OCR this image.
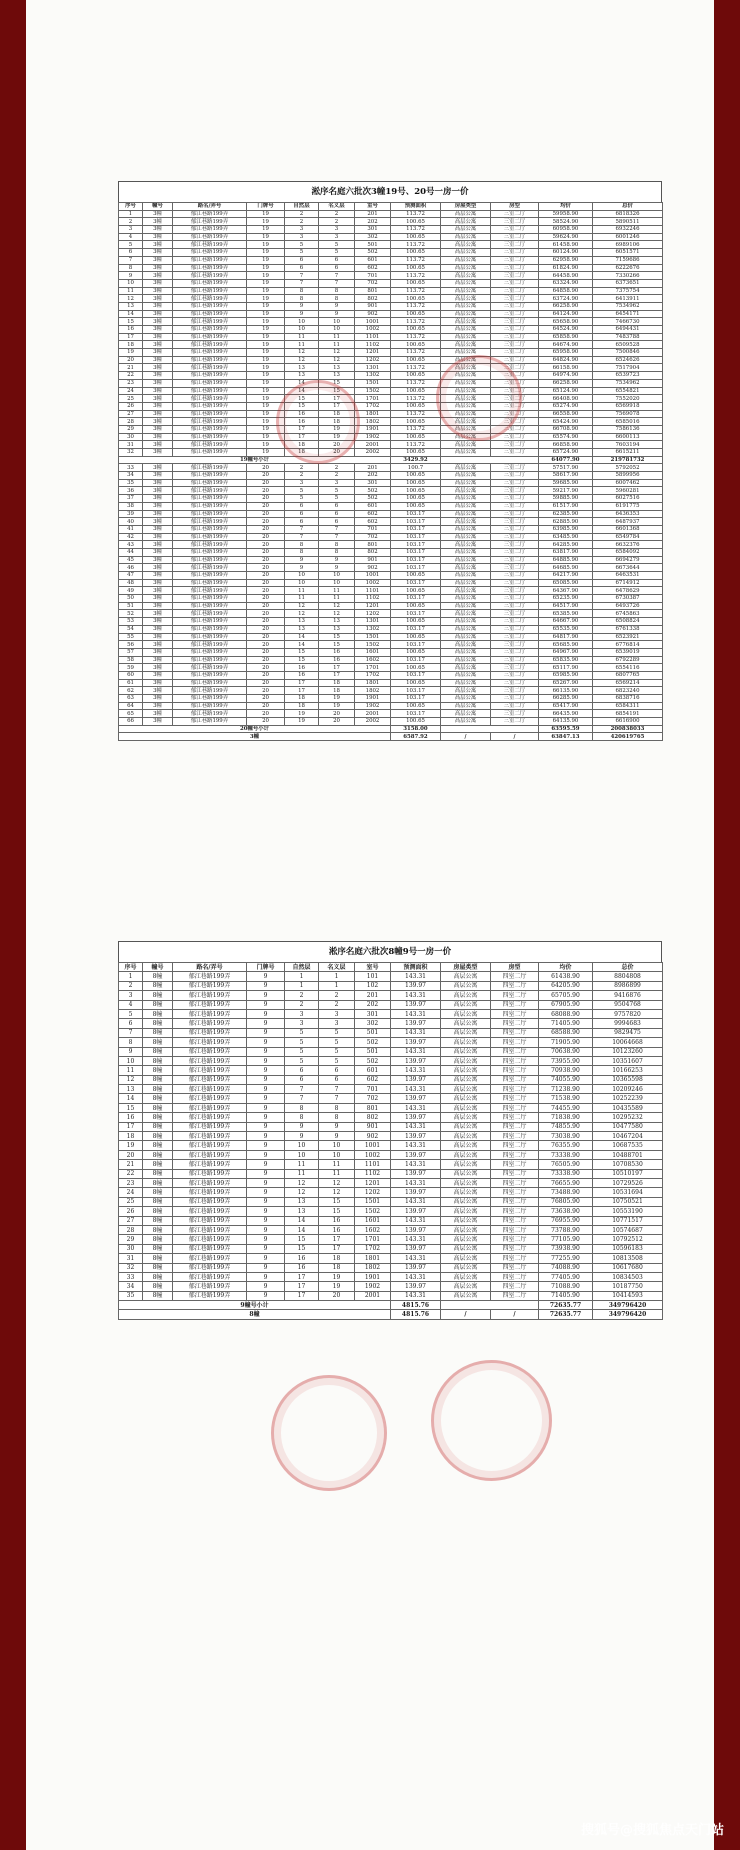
淞序名庭六批次3幢19号、20号一房一价
序号	幢号	路名/弄号	门牌号	自然层	名义层	室号	预测面积	房屋类型	房型	均价	总价
1	3幢	郁江巷路199弄	19	2	2	201	113.72	高层公寓	三室二厅	59958.90	6818326
2	3幢	郁江巷路199弄	19	2	2	202	100.65	高层公寓	三室二厅	58524.90	5890511
3	3幢	郁江巷路199弄	19	3	3	301	113.72	高层公寓	三室二厅	60958.90	6932246
4	3幢	郁江巷路199弄	19	3	3	302	100.65	高层公寓	三室二厅	59624.90	6001246
5	3幢	郁江巷路199弄	19	5	5	501	113.72	高层公寓	三室二厅	61458.90	6989106
6	3幢	郁江巷路199弄	19	5	5	502	100.65	高层公寓	三室二厅	60124.90	6051571
7	3幢	郁江巷路199弄	19	6	6	601	113.72	高层公寓	三室二厅	62958.90	7159686
8	3幢	郁江巷路199弄	19	6	6	602	100.65	高层公寓	三室二厅	61824.90	6222676
9	3幢	郁江巷路199弄	19	7	7	701	113.72	高层公寓	三室二厅	64458.90	7330266
10	3幢	郁江巷路199弄	19	7	7	702	100.65	高层公寓	三室二厅	63324.90	6373651
11	3幢	郁江巷路199弄	19	8	8	801	113.72	高层公寓	三室二厅	64858.90	7375754
12	3幢	郁江巷路199弄	19	8	8	802	100.65	高层公寓	三室二厅	63724.90	6413911
13	3幢	郁江巷路199弄	19	9	9	901	113.72	高层公寓	三室二厅	66258.90	7534962
14	3幢	郁江巷路199弄	19	9	9	902	100.65	高层公寓	三室二厅	64124.90	6454171
15	3幢	郁江巷路199弄	19	10	10	1001	113.72	高层公寓	三室二厅	65658.90	7466730
16	3幢	郁江巷路199弄	19	10	10	1002	100.65	高层公寓	三室二厅	64524.90	6494431
17	3幢	郁江巷路199弄	19	11	11	1101	113.72	高层公寓	三室二厅	65858.90	7483788
18	3幢	郁江巷路199弄	19	11	11	1102	100.65	高层公寓	三室二厅	64674.90	6509528
19	3幢	郁江巷路199弄	19	12	12	1201	113.72	高层公寓	三室二厅	65958.90	7500846
20	3幢	郁江巷路199弄	19	12	12	1202	100.65	高层公寓	三室二厅	64824.90	6524626
21	3幢	郁江巷路199弄	19	13	13	1301	113.72	高层公寓	三室二厅	66158.90	7517904
22	3幢	郁江巷路199弄	19	13	13	1302	100.65	高层公寓	三室二厅	64974.90	6539723
23	3幢	郁江巷路199弄	19	14	15	1501	113.72	高层公寓	三室二厅	66258.90	7534962
24	3幢	郁江巷路199弄	19	14	15	1502	100.65	高层公寓	三室二厅	65124.90	6554821
25	3幢	郁江巷路199弄	19	15	17	1701	113.72	高层公寓	三室二厅	66408.90	7552020
26	3幢	郁江巷路199弄	19	15	17	1702	100.65	高层公寓	三室二厅	65274.90	6569918
27	3幢	郁江巷路199弄	19	16	18	1801	113.72	高层公寓	三室二厅	66558.90	7569078
28	3幢	郁江巷路199弄	19	16	18	1802	100.65	高层公寓	三室二厅	65424.90	6585016
29	3幢	郁江巷路199弄	19	17	19	1901	113.72	高层公寓	三室二厅	66708.90	7586136
30	3幢	郁江巷路199弄	19	17	19	1902	100.65	高层公寓	三室二厅	65574.90	6600113
31	3幢	郁江巷路199弄	19	18	20	2001	113.72	高层公寓	三室二厅	66858.90	7603194
32	3幢	郁江巷路199弄	19	18	20	2002	100.65	高层公寓	三室二厅	65724.90	6615211
19幢号小计							3429.92			64077.90	219781732
33	3幢	郁江巷路199弄	20	2	2	201	100.7	高层公寓	三室二厅	57517.90	5792052
34	3幢	郁江巷路199弄	20	2	2	202	100.65	高层公寓	三室二厅	58617.90	5899956
35	3幢	郁江巷路199弄	20	3	3	301	100.65	高层公寓	三室二厅	59685.90	6007462
36	3幢	郁江巷路199弄	20	5	5	502	100.65	高层公寓	三室二厅	59217.90	5960281
37	3幢	郁江巷路199弄	20	5	5	502	100.65	高层公寓	三室二厅	59885.90	6027516
38	3幢	郁江巷路199弄	20	6	6	601	100.65	高层公寓	三室二厅	61517.90	6191775
39	3幢	郁江巷路199弄	20	6	6	602	103.17	高层公寓	三室二厅	62385.90	6436353
40	3幢	郁江巷路199弄	20	6	6	602	103.17	高层公寓	三室二厅	62885.90	6487937
41	3幢	郁江巷路199弄	20	7	7	701	103.17	高层公寓	三室二厅	63985.90	6601368
42	3幢	郁江巷路199弄	20	7	7	702	103.17	高层公寓	三室二厅	63485.90	6549784
43	3幢	郁江巷路199弄	20	8	8	801	103.17	高层公寓	三室二厅	64285.90	6632376
44	3幢	郁江巷路199弄	20	8	8	802	103.17	高层公寓	三室二厅	63817.90	6584092
45	3幢	郁江巷路199弄	20	9	9	901	103.17	高层公寓	三室二厅	64885.90	6694279
46	3幢	郁江巷路199弄	20	9	9	902	103.17	高层公寓	三室二厅	64685.90	6673644
47	3幢	郁江巷路199弄	20	10	10	1001	100.65	高层公寓	三室二厅	64217.90	6463531
48	3幢	郁江巷路199弄	20	10	10	1002	103.17	高层公寓	三室二厅	65085.90	6714912
49	3幢	郁江巷路199弄	20	11	11	1101	100.65	高层公寓	三室二厅	64367.90	6478629
50	3幢	郁江巷路199弄	20	11	11	1102	103.17	高层公寓	三室二厅	65235.90	6730387
51	3幢	郁江巷路199弄	20	12	12	1201	100.65	高层公寓	三室二厅	64517.90	6493726
52	3幢	郁江巷路199弄	20	12	12	1202	103.17	高层公寓	三室二厅	65385.90	6745863
53	3幢	郁江巷路199弄	20	13	13	1301	100.65	高层公寓	三室二厅	64667.90	6508824
54	3幢	郁江巷路199弄	20	13	13	1302	103.17	高层公寓	三室二厅	65535.90	6761338
55	3幢	郁江巷路199弄	20	14	15	1501	100.65	高层公寓	三室二厅	64817.90	6523921
56	3幢	郁江巷路199弄	20	14	15	1502	103.17	高层公寓	三室二厅	65685.90	6776814
57	3幢	郁江巷路199弄	20	15	16	1601	100.65	高层公寓	三室二厅	64967.90	6539019
58	3幢	郁江巷路199弄	20	15	16	1602	103.17	高层公寓	三室二厅	65835.90	6792289
59	3幢	郁江巷路199弄	20	16	17	1701	100.65	高层公寓	三室二厅	65117.90	6554116
60	3幢	郁江巷路199弄	20	16	17	1702	103.17	高层公寓	三室二厅	65985.90	6807765
61	3幢	郁江巷路199弄	20	17	18	1801	100.65	高层公寓	三室二厅	65267.90	6569214
62	3幢	郁江巷路199弄	20	17	18	1802	103.17	高层公寓	三室二厅	66135.90	6823240
63	3幢	郁江巷路199弄	20	18	19	1901	103.17	高层公寓	三室二厅	66285.90	6838716
64	3幢	郁江巷路199弄	20	18	19	1902	100.65	高层公寓	三室二厅	65417.90	6584311
65	3幢	郁江巷路199弄	20	19	20	2001	103.17	高层公寓	三室二厅	66435.90	6854191
66	3幢	郁江巷路199弄	20	19	20	2002	100.65	高层公寓	三室二厅	64135.90	6616900
20幢号小计							3158.00			63595.59	200838033
3幢							6587.92	/	/	63847.13	420619765
淞序名庭六批次8幢9号一房一价
序号	幢号	路名/弄号	门牌号	自然层	名义层	室号	预测面积	房屋类型	房型	均价	总价
1	8幢	郁江巷路199弄	9	1	1	101	143.31	高层公寓	四室二厅	61438.90	8804808
2	8幢	郁江巷路199弄	9	1	1	102	139.97	高层公寓	四室二厅	64205.90	8986899
3	8幢	郁江巷路199弄	9	2	2	201	143.31	高层公寓	四室二厅	65705.90	9416876
4	8幢	郁江巷路199弄	9	2	2	202	139.97	高层公寓	四室二厅	67905.90	9504768
5	8幢	郁江巷路199弄	9	3	3	301	143.31	高层公寓	四室二厅	68088.90	9757820
6	8幢	郁江巷路199弄	9	3	3	302	139.97	高层公寓	四室二厅	71405.90	9994683
7	8幢	郁江巷路199弄	9	5	5	501	143.31	高层公寓	四室二厅	68588.90	9829475
8	8幢	郁江巷路199弄	9	5	5	502	139.97	高层公寓	四室二厅	71905.90	10064668
9	8幢	郁江巷路199弄	9	5	5	501	143.31	高层公寓	四室二厅	70638.90	10123260
10	8幢	郁江巷路199弄	9	5	5	502	139.97	高层公寓	四室二厅	73955.90	10351607
11	8幢	郁江巷路199弄	9	6	6	601	143.31	高层公寓	四室二厅	70938.90	10166253
12	8幢	郁江巷路199弄	9	6	6	602	139.97	高层公寓	四室二厅	74055.90	10365598
13	8幢	郁江巷路199弄	9	7	7	701	143.31	高层公寓	四室二厅	71238.90	10209246
14	8幢	郁江巷路199弄	9	7	7	702	139.97	高层公寓	四室二厅	71538.90	10252239
15	8幢	郁江巷路199弄	9	8	8	801	143.31	高层公寓	四室二厅	74455.90	10435589
16	8幢	郁江巷路199弄	9	8	8	802	139.97	高层公寓	四室二厅	71838.90	10295232
17	8幢	郁江巷路199弄	9	9	9	901	143.31	高层公寓	四室二厅	74855.90	10477580
18	8幢	郁江巷路199弄	9	9	9	902	139.97	高层公寓	四室二厅	73038.90	10467204
19	8幢	郁江巷路199弄	9	10	10	1001	143.31	高层公寓	四室二厅	76355.90	10687535
20	8幢	郁江巷路199弄	9	10	10	1002	139.97	高层公寓	四室二厅	73338.90	10488701
21	8幢	郁江巷路199弄	9	11	11	1101	143.31	高层公寓	四室二厅	76505.90	10708530
22	8幢	郁江巷路199弄	9	11	11	1102	139.97	高层公寓	四室二厅	73338.90	10510197
23	8幢	郁江巷路199弄	9	12	12	1201	143.31	高层公寓	四室二厅	76655.90	10729526
24	8幢	郁江巷路199弄	9	12	12	1202	139.97	高层公寓	四室二厅	73488.90	10531694
25	8幢	郁江巷路199弄	9	13	15	1501	143.31	高层公寓	四室二厅	76805.90	10750521
26	8幢	郁江巷路199弄	9	13	15	1502	139.97	高层公寓	四室二厅	73638.90	10553190
27	8幢	郁江巷路199弄	9	14	16	1601	143.31	高层公寓	四室二厅	76955.90	10771517
28	8幢	郁江巷路199弄	9	14	16	1602	139.97	高层公寓	四室二厅	73788.90	10574687
29	8幢	郁江巷路199弄	9	15	17	1701	143.31	高层公寓	四室二厅	77105.90	10792512
30	8幢	郁江巷路199弄	9	15	17	1702	139.97	高层公寓	四室二厅	73938.90	10596183
31	8幢	郁江巷路199弄	9	16	18	1801	143.31	高层公寓	四室二厅	77255.90	10813508
32	8幢	郁江巷路199弄	9	16	18	1802	139.97	高层公寓	四室二厅	74088.90	10617680
33	8幢	郁江巷路199弄	9	17	19	1901	143.31	高层公寓	四室二厅	77405.90	10834503
34	8幢	郁江巷路199弄	9	17	19	1902	139.97	高层公寓	四室二厅	71088.90	10187750
35	8幢	郁江巷路199弄	9	17	20	2001	143.31	高层公寓	四室二厅	71405.90	10414593
9幢号小计							4815.76			72635.77	349796420
8幢							4815.76	/	/	72635.77	349796420
搜狐号@搜狐焦点天门站
